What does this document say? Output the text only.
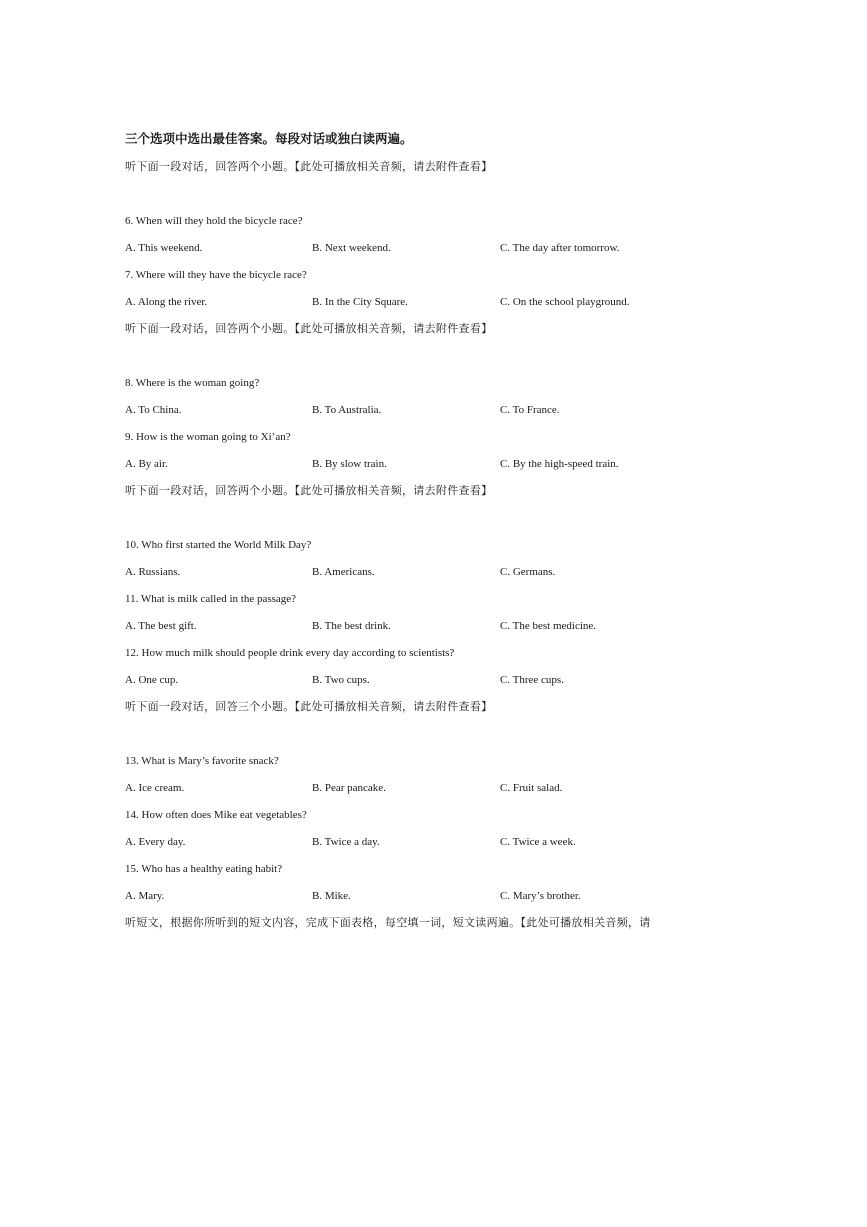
三个选项中选出最佳答案。每段对话或独白读两遍。
听下面一段对话，回答两个小题。【此处可播放相关音频，请去附件查看】
6. When will they hold the bicycle race?
A. This weekend.	B. Next weekend.	C. The day after tomorrow.
7. Where will they have the bicycle race?
A. Along the river.	B. In the City Square.	C. On the school playground.
听下面一段对话，回答两个小题。【此处可播放相关音频，请去附件查看】
8. Where is the woman going?
A. To China.	B. To Australia.	C. To France.
9. How is the woman going to Xi’an?
A. By air.	B. By slow train.	C. By the high-speed train.
听下面一段对话，回答两个小题。【此处可播放相关音频，请去附件查看】
10. Who first started the World Milk Day?
A. Russians.	B. Americans.	C. Germans.
11. What is milk called in the passage?
A. The best gift.	B. The best drink.	C. The best medicine.
12. How much milk should people drink every day according to scientists?
A. One cup.	B. Two cups.	C. Three cups.
听下面一段对话，回答三个小题。【此处可播放相关音频，请去附件查看】
13. What is Mary’s favorite snack?
A. Ice cream.	B. Pear pancake.	C. Fruit salad.
14. How often does Mike eat vegetables?
A. Every day.	B. Twice a day.	C. Twice a week.
15. Who has a healthy eating habit?
A. Mary.	B. Mike.	C. Mary’s brother.
听短文，根据你所听到的短文内容，完成下面表格，每空填一词，短文读两遍。【此处可播放相关音频，请
